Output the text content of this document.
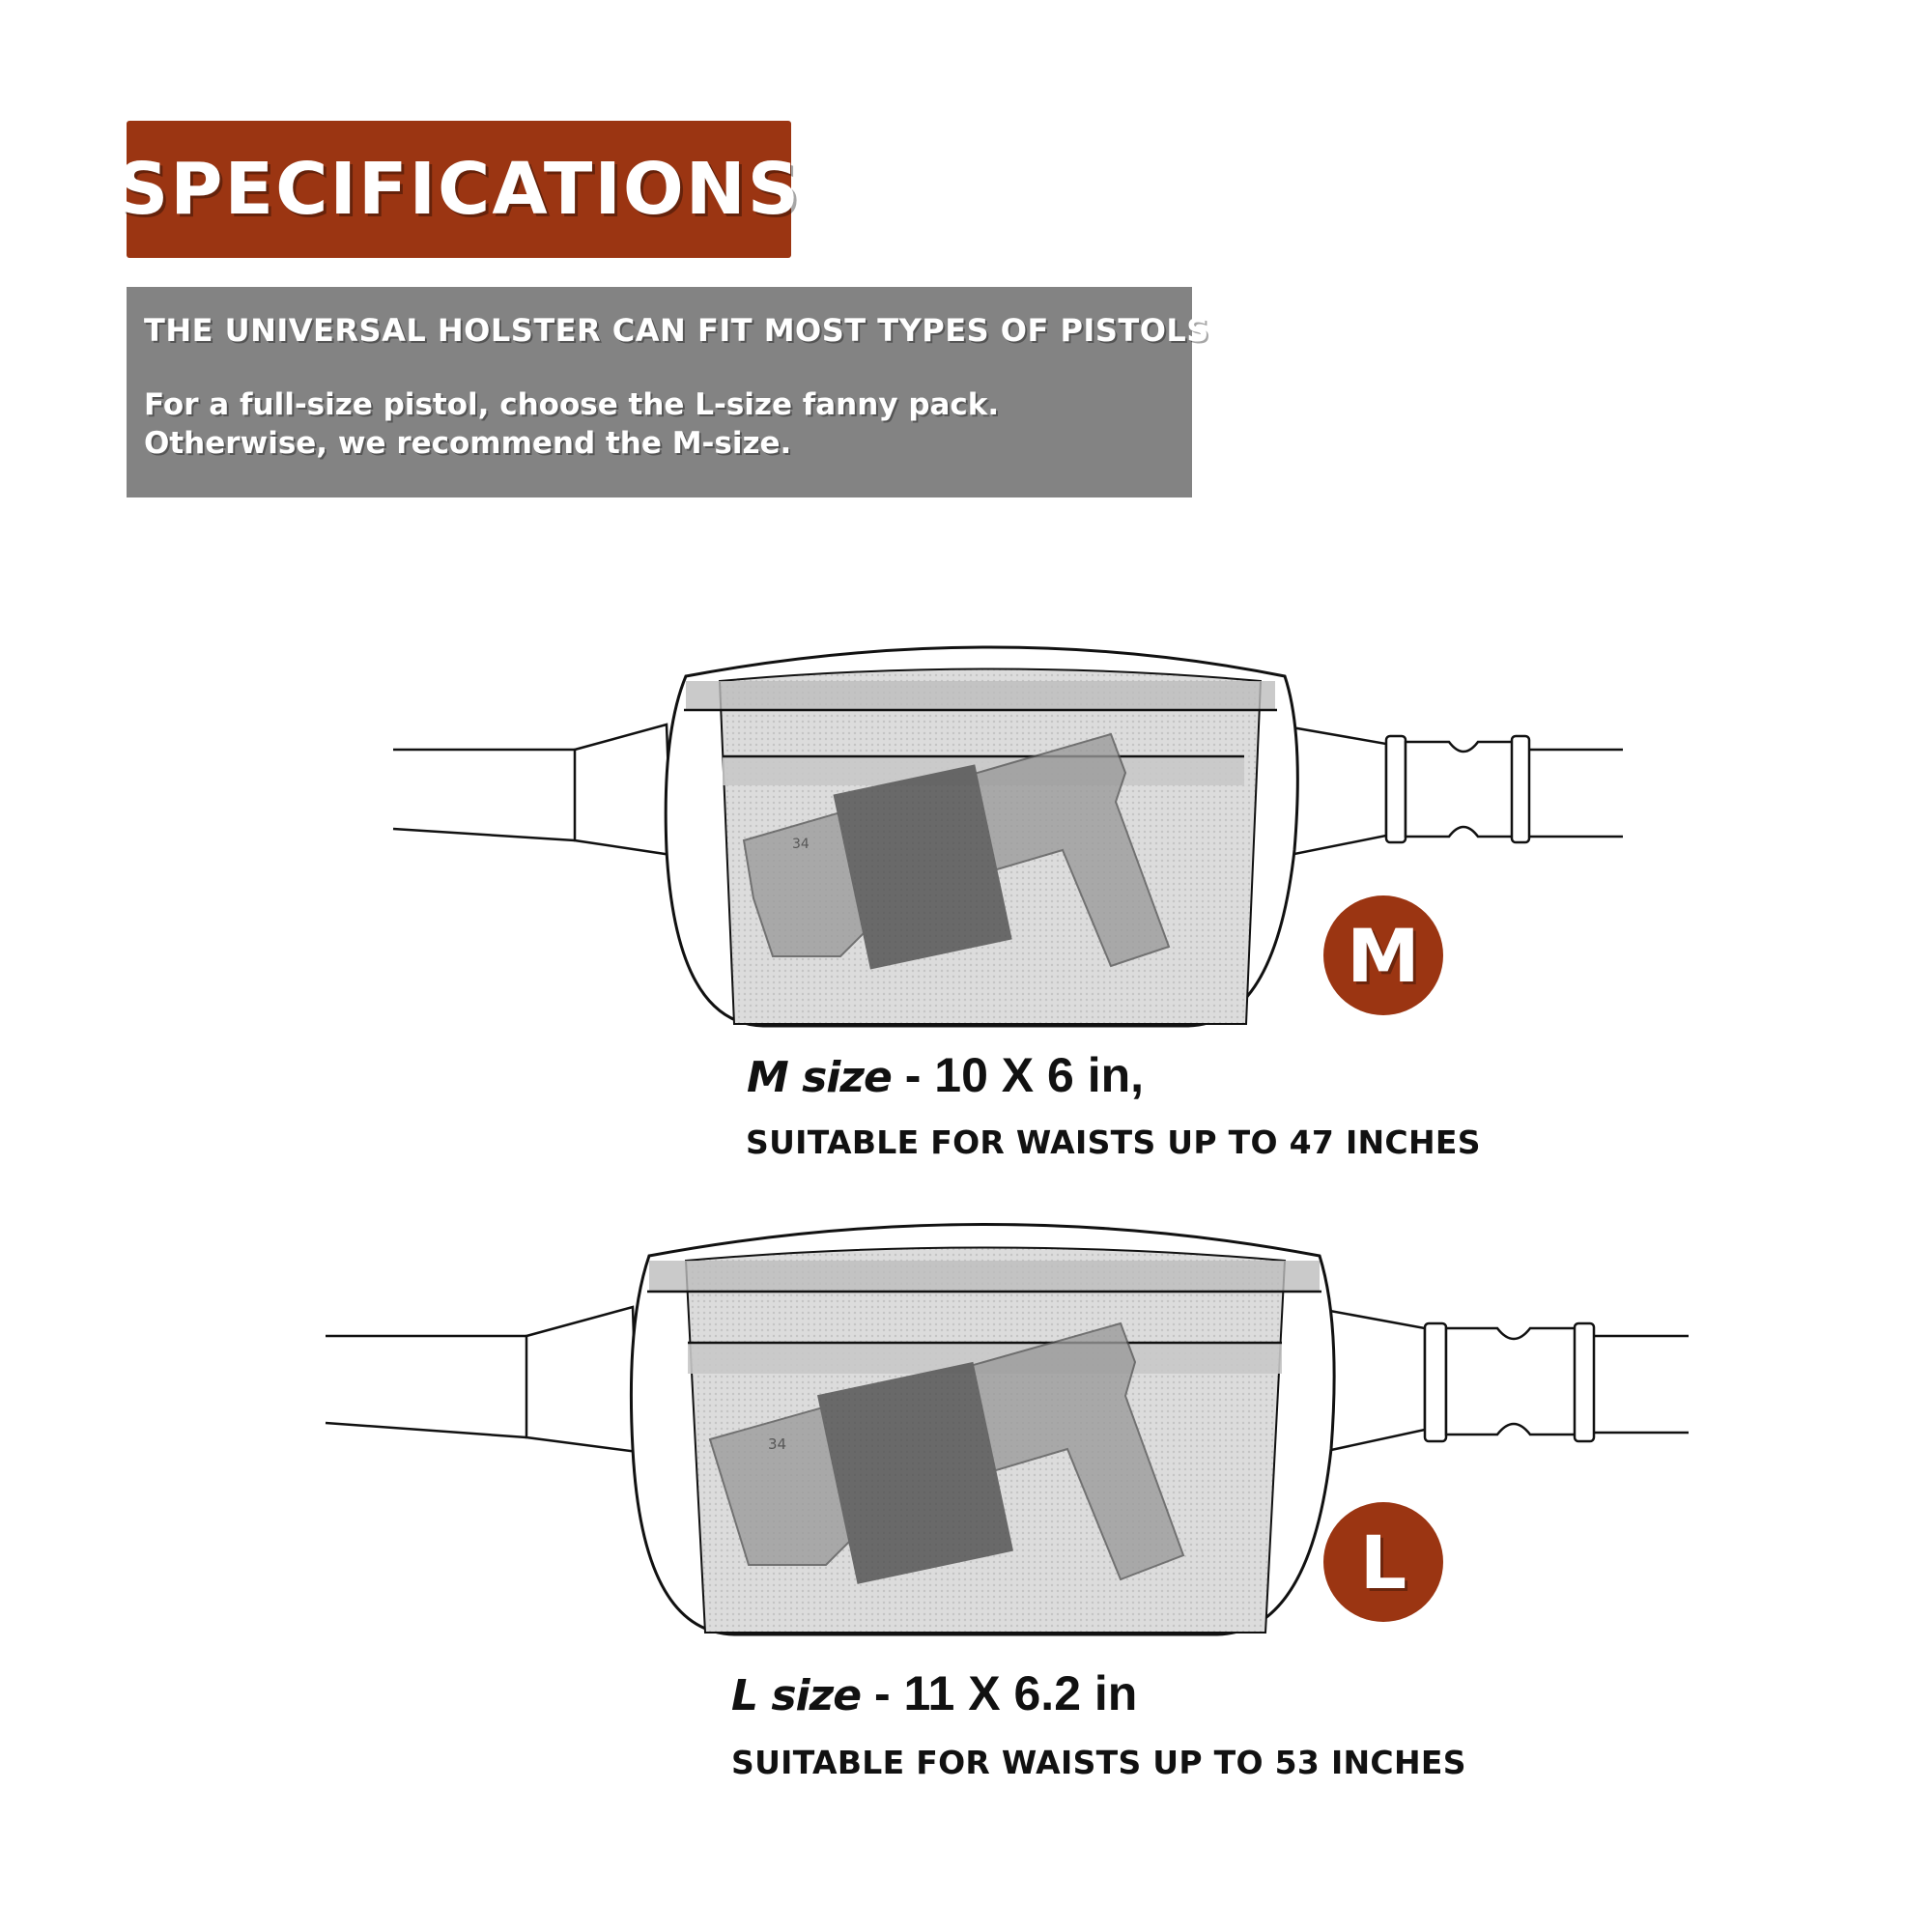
SPECIFICATIONS
THE UNIVERSAL HOLSTER CAN FIT MOST TYPES OF PISTOLS
For a full-size pistol, choose the L-size fanny pack.
Otherwise, we recommend the M-size.
34
34
M
M size - 10 X 6 in,
SUITABLE FOR WAISTS UP TO 47 INCHES
L
L size - 11 X 6.2 in
SUITABLE FOR WAISTS UP TO 53 INCHES
